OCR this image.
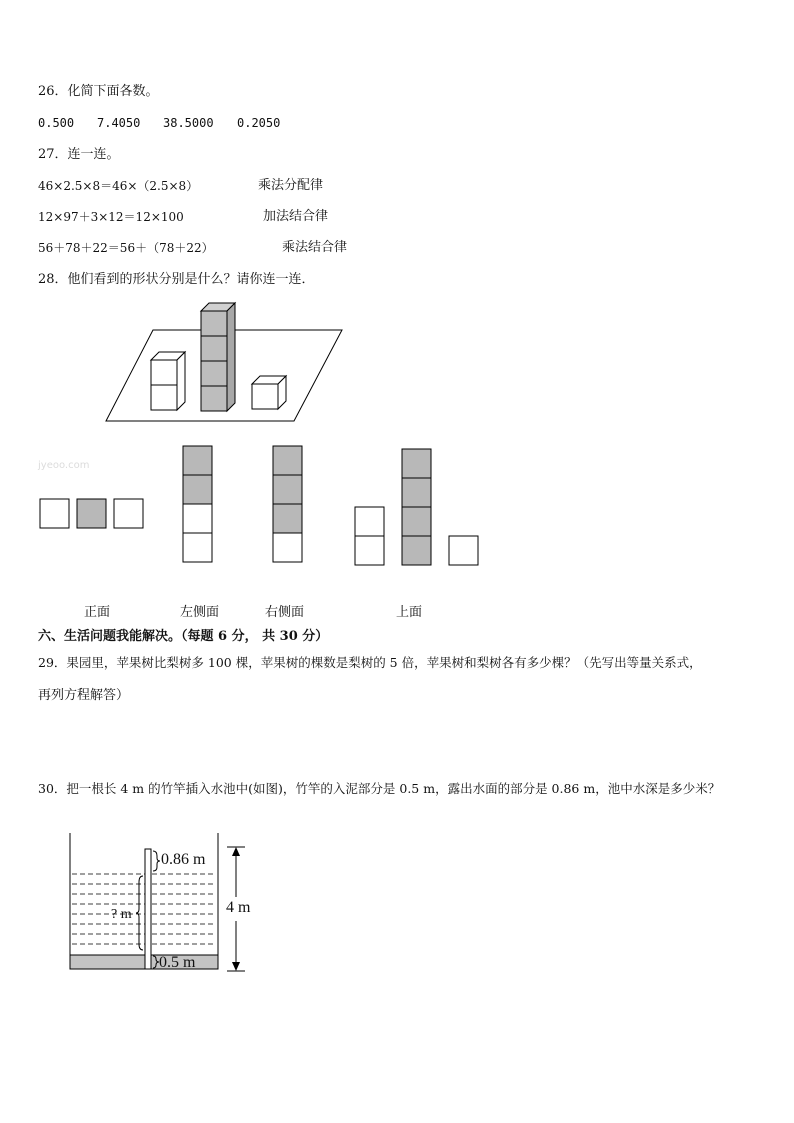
26．化简下面各数。
0.500 7.4050 38.5000 0.2050
27．连一连。
46×2.5×8＝46×（2.5×8）
12×97＋3×12＝12×100
56＋78＋22＝56＋（78＋22）
乘法分配律
加法结合律
乘法结合律
28．他们看到的形状分别是什么？请你连一连．
jyeoo.com
正面	左侧面	右侧面	上面
六、生活问题我能解决。（每题 6 分， 共 30 分）
29．果园里，苹果树比梨树多 100 棵，苹果树的棵数是梨树的 5 倍，苹果树和梨树各有多少棵？（先写出等量关系式，
再列方程解答）
30．把一根长 4 m 的竹竿插入水池中(如图)，竹竿的入泥部分是 0.5 m，露出水面的部分是 0.86 m，池中水深是多少米？
0.86 m
? m
0.5 m
4 m
